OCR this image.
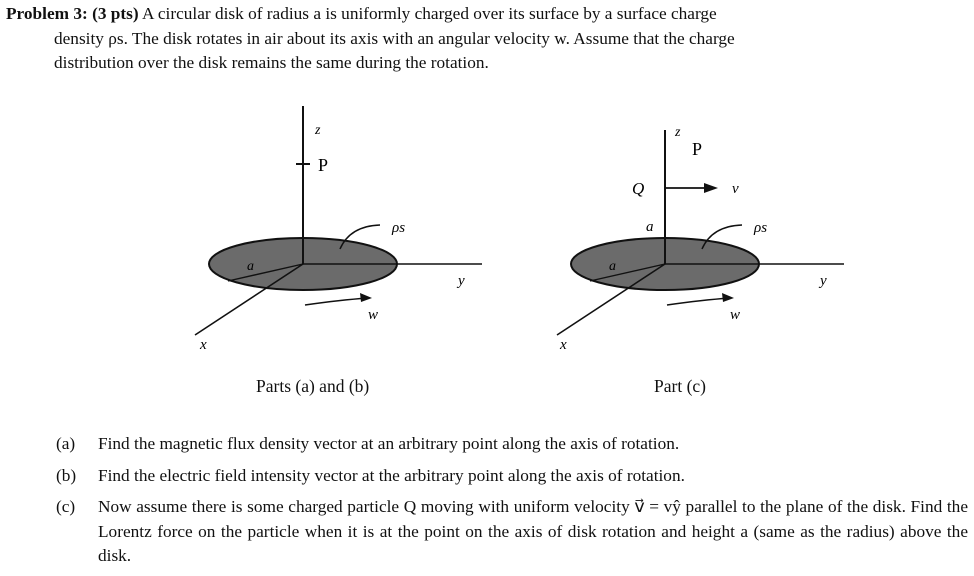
Problem 3: (3 pts) A circular disk of radius a is uniformly charged over its surface by a surface charge

density ρs. The disk rotates in air about its axis with an angular velocity w. Assume that the charge
distribution over the disk remains the same during the rotation.
z
P
ρs
a
y
w
x
z
P
Q	v
a	ρs
a
y
w
x
Parts (a) and (b)	Part (c)
(a) Find the magnetic flux density vector at an arbitrary point along the axis of rotation.
(b) Find the electric field intensity vector at the arbitrary point along the axis of rotation.
(c) Now assume there is some charged particle Q moving with uniform velocity v⃗ = vŷ parallel to the plane of the disk. Find the Lorentz force on the particle when it is at the point on the axis of disk rotation and height a (same as the radius) above the disk.
